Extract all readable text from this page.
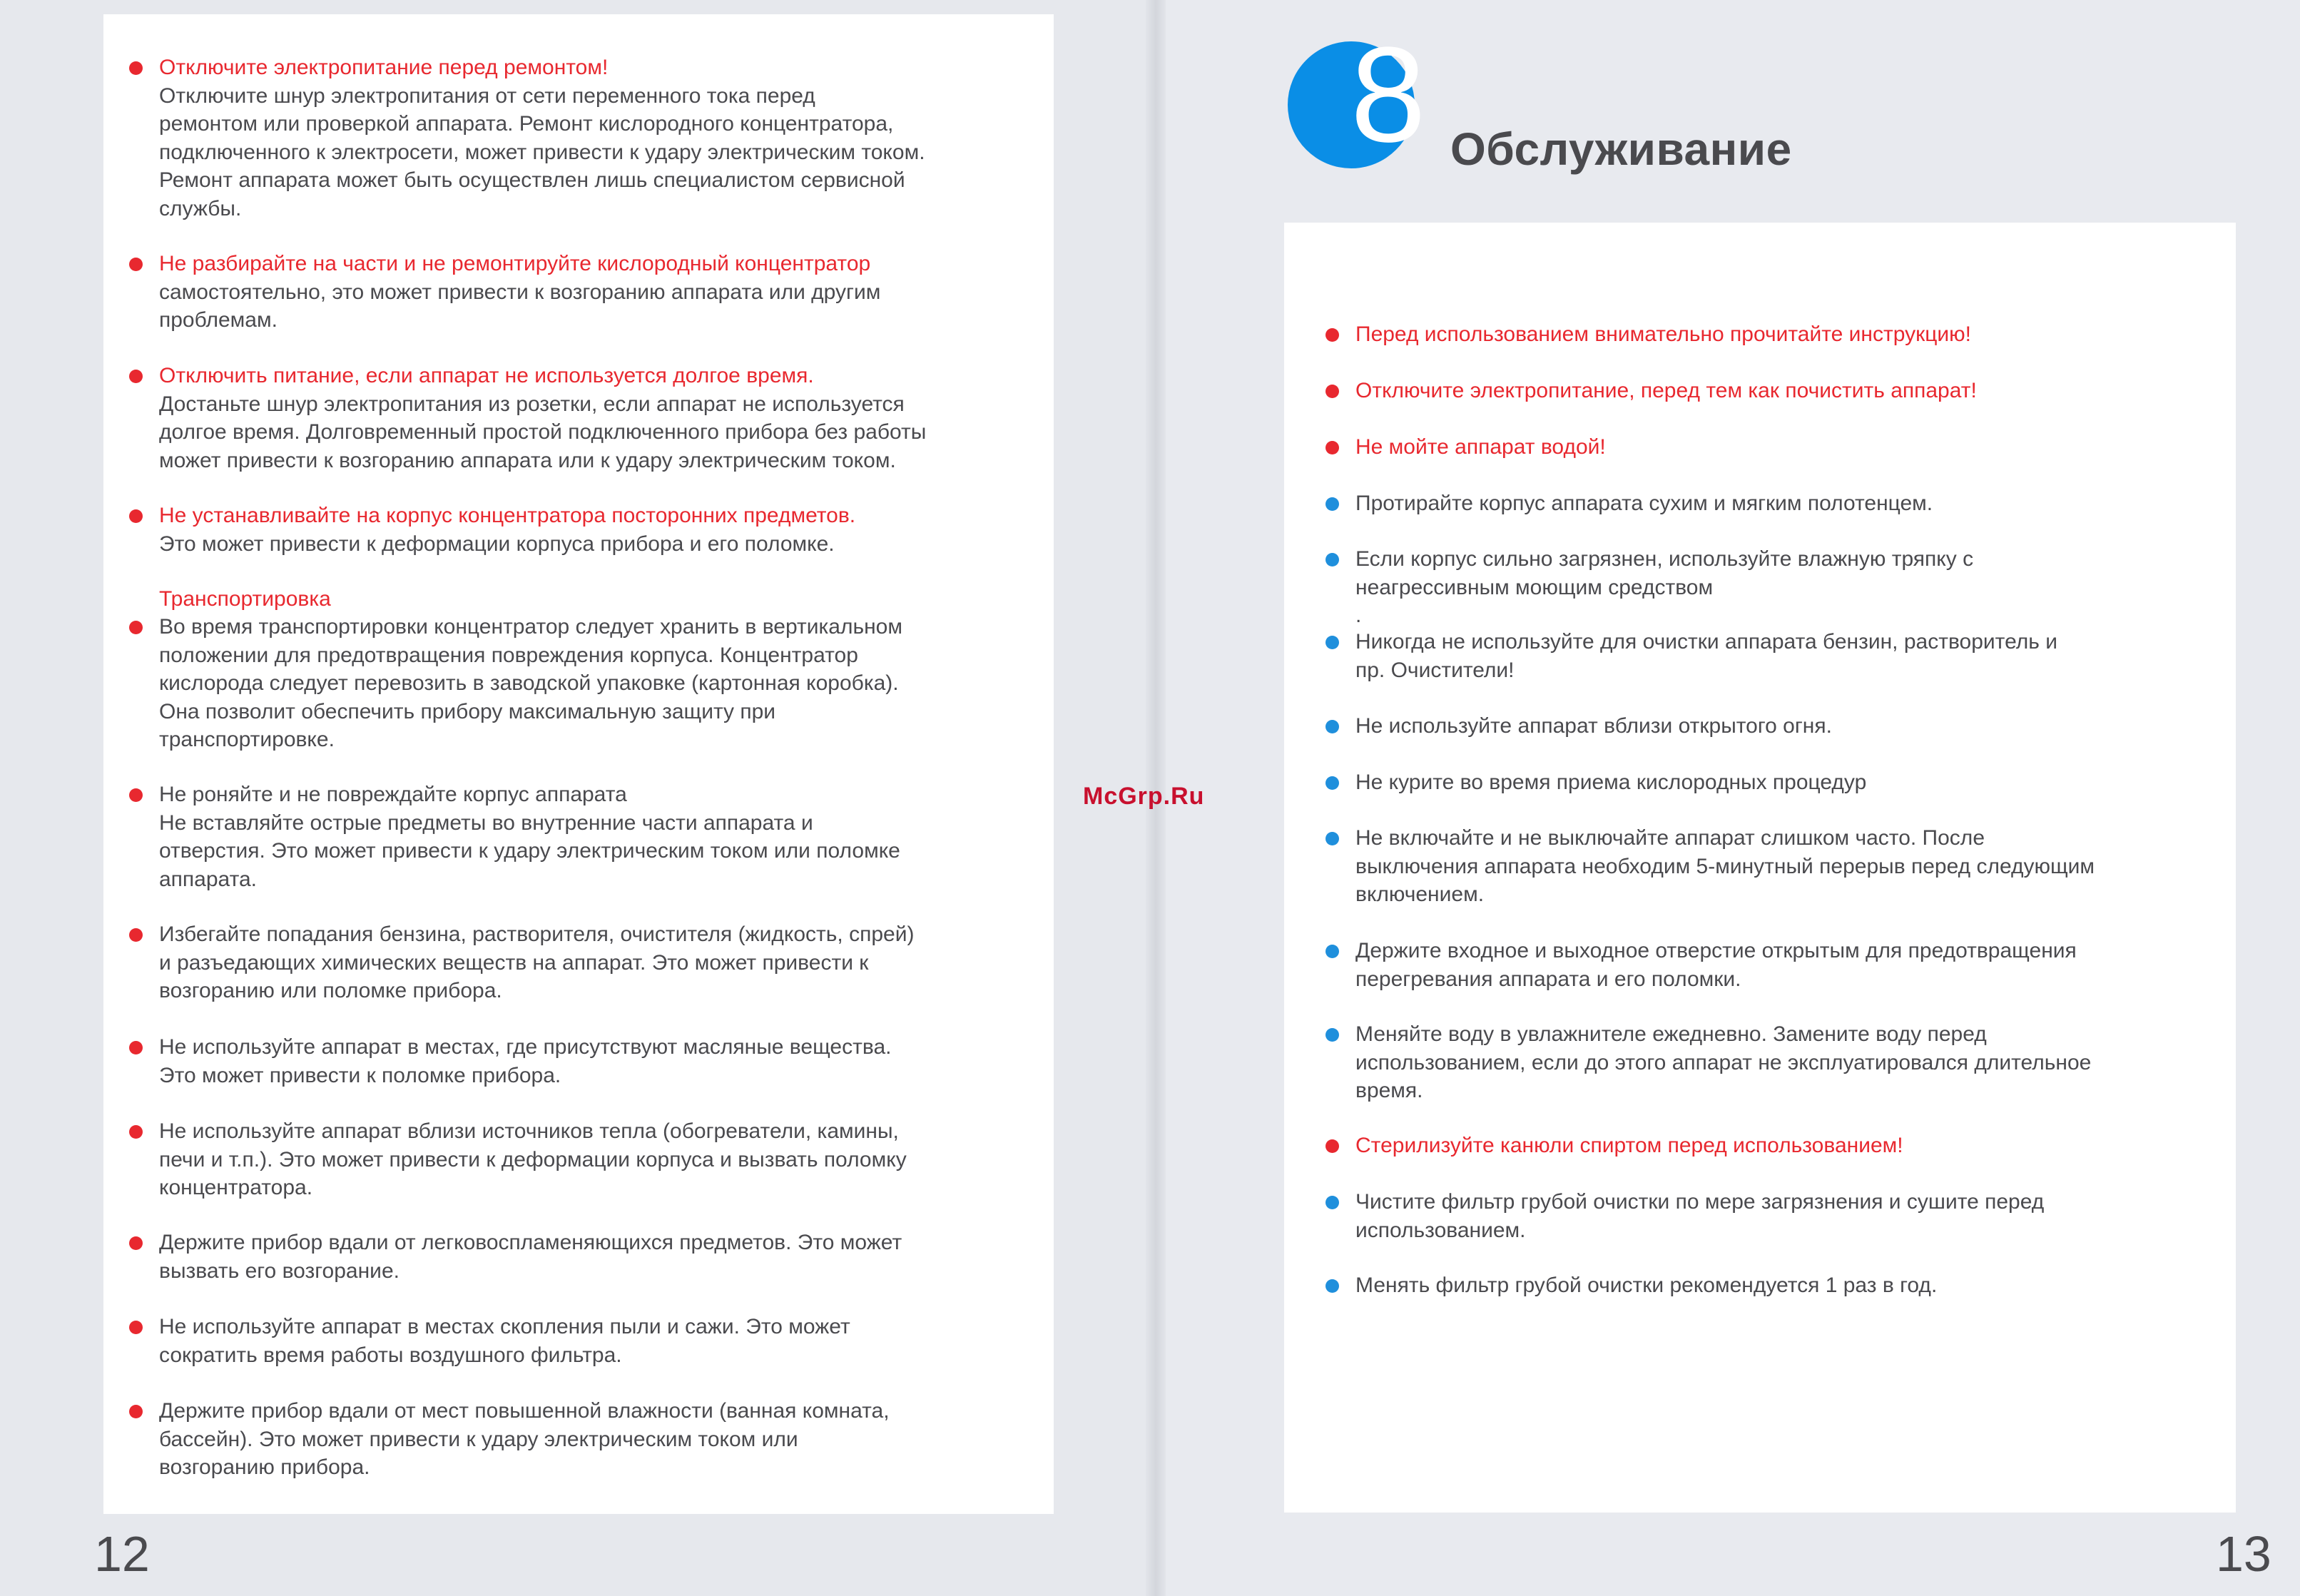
Отключите электропитание перед ремонтом!
Отключите шнур электропитания от сети переменного тока перед
ремонтом или проверкой аппарата. Ремонт кислородного концентратора,
подключенного к электросети, может привести к удару электрическим током.
Ремонт аппарата может быть осуществлен лишь специалистом сервисной
службы.
Не разбирайте на части и не ремонтируйте кислородный концентратор
самостоятельно, это может привести к возгоранию аппарата или другим
проблемам.
Отключить питание, если аппарат не используется долгое время.
Достаньте шнур электропитания из розетки, если аппарат не используется
долгое время. Долговременный простой подключенного прибора без работы
может привести к возгоранию аппарата или к удару электрическим током.
Не устанавливайте на корпус концентратора посторонних предметов.
Это может привести к деформации корпуса прибора и его поломке.
Транспортировка
Во время транспортировки концентратор следует хранить в вертикальном
положении для предотвращения повреждения корпуса. Концентратор
кислорода следует перевозить в заводской упаковке (картонная коробка).
Она позволит обеспечить прибору максимальную защиту при
транспортировке.
Не роняйте и не повреждайте корпус аппарата
Не вставляйте острые предметы во внутренние части аппарата и
отверстия. Это может привести к удару электрическим током или поломке
аппарата.
Избегайте попадания бензина, растворителя, очистителя (жидкость, спрей)
и разъедающих химических веществ на аппарат. Это может привести к
возгоранию или поломке прибора.
Не используйте аппарат в местах, где присутствуют масляные вещества.
Это может привести к поломке прибора.
Не используйте аппарат вблизи источников тепла (обогреватели, камины,
печи и т.п.). Это может привести к деформации корпуса и вызвать поломку
концентратора.
Держите прибор вдали от легковоспламеняющихся предметов. Это может
вызвать его возгорание.
Не используйте аппарат в местах скопления пыли и сажи. Это может
сократить время работы воздушного фильтра.
Держите прибор вдали от мест повышенной влажности (ванная комната,
бассейн). Это может привести к удару электрическим током или
возгоранию прибора.
12
8 Обслуживание
Перед использованием внимательно прочитайте инструкцию!
Отключите электропитание, перед тем как почистить аппарат!
Не мойте аппарат водой!
Протирайте корпус аппарата сухим и мягким полотенцем.
Если корпус сильно загрязнен, используйте влажную тряпку с
неагрессивным моющим средством
.
Никогда не используйте для очистки аппарата бензин, растворитель и
пр. Очистители!
Не используйте аппарат вблизи открытого огня.
Не курите во время приема кислородных процедур
Не включайте и не выключайте аппарат слишком часто. После
выключения аппарата необходим 5-минутный перерыв перед следующим
включением.
Держите входное и выходное отверстие открытым для предотвращения
перегревания аппарата и его поломки.
Меняйте воду в увлажнителе ежедневно. Замените воду перед
использованием, если до этого аппарат не эксплуатировался длительное
время.
Стерилизуйте канюли спиртом перед использованием!
Чистите фильтр грубой очистки по мере загрязнения и сушите перед
использованием.
Менять фильтр грубой очистки рекомендуется 1 раз в год.
13
McGrp.Ru
